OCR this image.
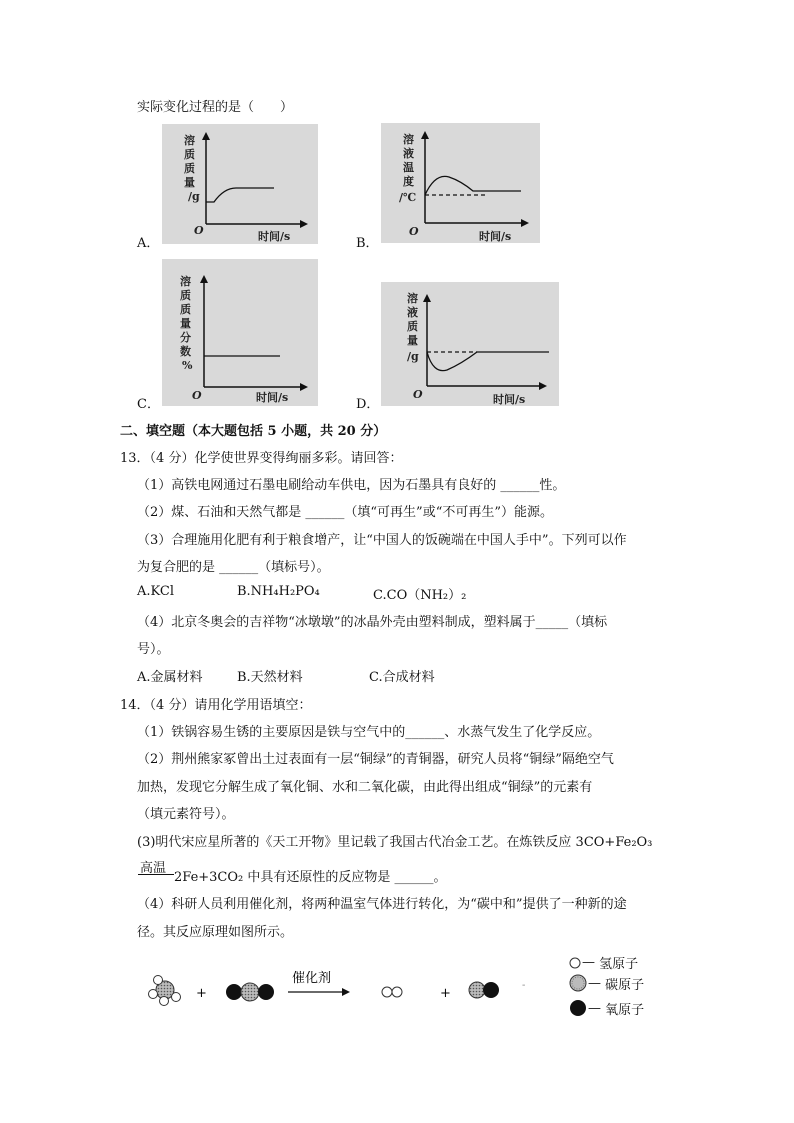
实际变化过程的是（　　）
溶
质
质
量
/g
O	时间/s
A．
溶
液
温
度
/℃
O	时间/s
B．
溶
质
质
量
分
数
%
O	时间/s
C．
溶
液
质
量
/g
O	时间/s
D．
二、填空题（本大题包括 5 小题，共 20 分）
13．（4 分）化学使世界变得绚丽多彩。请回答：
（1）高铁电网通过石墨电刷给动车供电，因为石墨具有良好的 ______性。
（2）煤、石油和天然气都是 ______（填“可再生”或“不可再生”）能源。
（3）合理施用化肥有利于粮食增产，让“中国人的饭碗端在中国人手中”。下列可以作
为复合肥的是 ______（填标号）。
A.KCl	B.NH₄H₂PO₄	C.CO（NH₂）₂
（4）北京冬奥会的吉祥物“冰墩墩”的冰晶外壳由塑料制成，塑料属于_____（填标
号）。
A.金属材料	B.天然材料	C.合成材料
14．（4 分）请用化学用语填空：
（1）铁锅容易生锈的主要原因是铁与空气中的______、水蒸气发生了化学反应。
（2）荆州熊家冢曾出土过表面有一层“铜绿”的青铜器，研究人员将“铜绿”隔绝空气
加热，发现它分解生成了氧化铜、水和二氧化碳，由此得出组成“铜绿”的元素有
（填元素符号）。
(3)明代宋应星所著的《天工开物》里记载了我国古代冶金工艺。在炼铁反应 3CO+Fe₂O₃
高温
2Fe+3CO₂ 中具有还原性的反应物是 ______。
（4）科研人员利用催化剂，将两种温室气体进行转化，为“碳中和”提供了一种新的途
径。其反应原理如图所示。
+
催化剂
+
-
— 氢原子
— 碳原子
— 氧原子
